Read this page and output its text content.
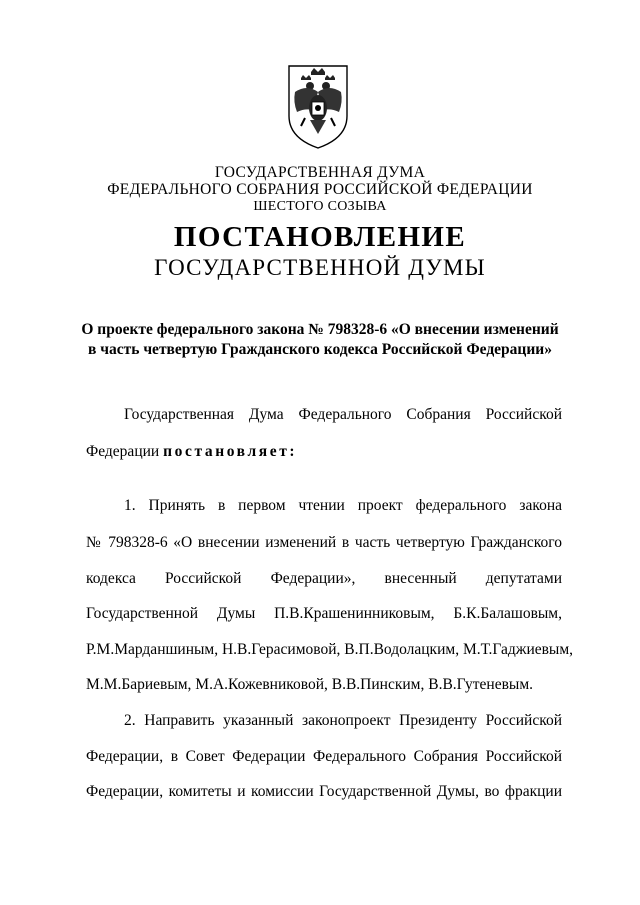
ГОСУДАРСТВЕННАЯ ДУМА
ФЕДЕРАЛЬНОГО СОБРАНИЯ РОССИЙСКОЙ ФЕДЕРАЦИИ
ШЕСТОГО СОЗЫВА
ПОСТАНОВЛЕНИЕ
ГОСУДАРСТВЕННОЙ ДУМЫ
О проекте федерального закона № 798328-6 «О внесении изменений
в часть четвертую Гражданского кодекса Российской Федерации»
Государственная Дума Федерального Собрания Российской
Федерации постановляет:
1. Принять в первом чтении проект федерального закона
№ 798328-6 «О внесении изменений в часть четвертую Гражданского
кодекса Российской Федерации», внесенный депутатами
Государственной Думы П.В.Крашенинниковым, Б.К.Балашовым,
Р.М.Марданшиным, Н.В.Герасимовой, В.П.Водолацким, М.Т.Гаджиевым,
М.М.Бариевым, М.А.Кожевниковой, В.В.Пинским, В.В.Гутеневым.
2. Направить указанный законопроект Президенту Российской
Федерации, в Совет Федерации Федерального Собрания Российской
Федерации, комитеты и комиссии Государственной Думы, во фракции
